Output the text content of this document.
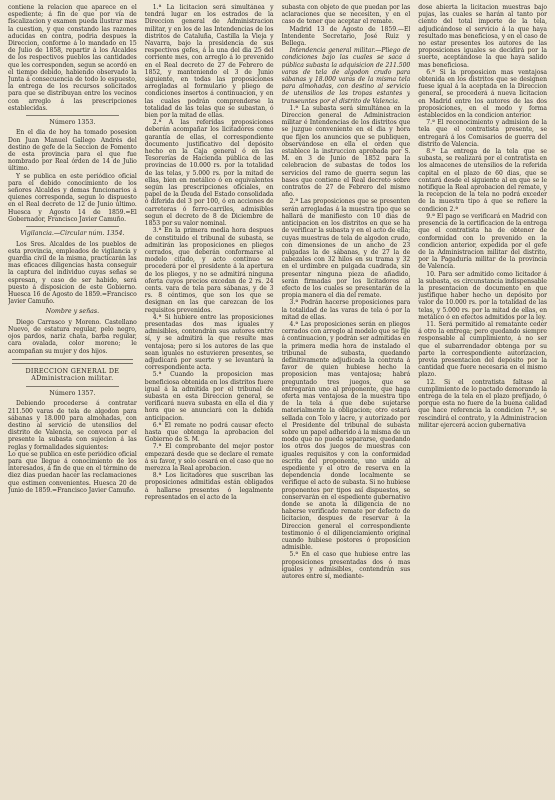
contiene la relacion que aparece en el espediente; á fin de que por vía de fiscalizacion y examen pueda ilustrar mas la cuestion, y que constando las razones aducidas en contra, podria despues la Direccion, conforme á lo mandado en 15 de Julio de 1858, repartir á los Alcaldes de los respectivos pueblos las cantidades que les corresponden, segun se acordó en el tiempo debido, habiendo observado la Junta á consecuencia de todo lo espuesto, la entrega de los recursos solicitados para que se distribuyan entre los vecinos con arreglo á las prescripciones establecidas.

Número 1353.

En el dia de hoy ha tomado posesion Don Juan Manuel Gallego Andrés del destino de gefe de la Seccion de Fomento de esta provincia para el que fue nombrado por Real órden de 14 de Julio último.

Y se publica en este periódico oficial para el debido conocimiento de los señores Alcaldes y demas funcionarios á quienes corresponda, segun lo dispuesto en el Real decreto de 12 de Junio último. Huesca y Agosto 14 de 1859.=El Gobernador, Francisco Javier Camuño.

Vigilancia.—Circular núm. 1354.

Los Sres. Alcaldes de los pueblos de esta provincia, empleados de vigilancia y guardia civil de la misma, practicarán las mas eficaces diligencias hasta conseguir la captura del individuo cuyas señas se espresan, y caso de ser habido, será puesto á disposicion de este Gobierno. Huesca 16 de Agosto de 1859.=Francisco Javier Camuño.

Nombre y señas.

Diego Carrasco y Moreno. Castellano Nuevo, de estatura regular, pelo negro, ojos pardos, nariz chata, barba regular, cara ovalada, color moreno; le acompañan su mujer y dos hijos.

DIRECCION GENERAL DE ADministracion militar.
Número 1357.

Debiendo procederse á contratar 211.500 varas de tela de algodon para sábanas y 18.000 para almohadas, con destino al servicio de utensilios del distrito de Valencia, se convoca por el presente la subasta con sujecion á las reglas y formalidades siguientes:

Lo que se publica en este periódico oficial para que llegue á conocimiento de los interesados, á fin de que en el término de diez dias puedan hacer las reclamaciones que estimen convenientes. Huesca 20 de Junio de 1859.=Francisco Javier Camuño.

1.ª La licitacion será simultánea y tendrá lugar en los estrados de la Direccion general de Administracion militar, y en los de las Intendencias de los distritos de Cataluña, Castilla la Vieja y Navarra, bajo la presidencia de sus respectivos gefes, á la una del dia 25 del corriente mes, con arreglo á lo prevenido en el Real decreto de 27 de Febrero de 1852, y manteniendo el 3 de Junio siguiente, en todas las proposiciones arregladas al formulario y pliego de condiciones insertos á continuacion, y en las cuales podrán comprenderse la totalidad de las telas que se subastan, ó bien por la mitad de ellas.

2.ª A las referidas proposiciones deberán acompañar los licitadores como garantía de ellas, el correspondiente documento justificativo del depósito hecho en la Caja general ó en las Tesorerías de Hacienda pública de las provincias de 10.000 rs. por la totalidad de las telas, y 5.000 rs. por la mitad de ellas, bien en metálico ó en equivalentes según las prescripciones oficiales, en papel de la Deuda del Estado consolidada ó diferida del 3 por 100, ó en acciones de carreteras ó ferro-carriles, admisibles segun el decreto de 8 de Diciembre de 1853 por su valor nominal.

3.ª En la primera media hora despues de constituido el tribunal de subasta, se admitirán las proposiciones en pliegos cerrados, que deberán conformarse al modelo citado, y acto continuo se procederá por el presidente á la apertura de los pliegos, y no se admitirá ninguna oferta cuyos precios excedan de 2 rs. 24 cents. vara de tela para sábanas, y de 3 rs. 8 céntimos, que son los que se designan en las que carezcan de los requisitos prevenidos.

4.ª Si hubiere entre las proposiciones presentadas dos mas iguales y admisibles, contendrán sus autores entre sí, y se admitirá la que resulte mas ventajosa; pero si los autores de las que sean iguales no estuvieren presentes, se adjudicará por suerte y se levantará la correspondiente acta.

5.ª Cuando la proposicion mas beneficiosa obtenida en los distritos fuere igual á la admitida por el tribunal de subasta en esta Direccion general, se verificará nueva subasta en ella el dia y hora que se anunciará con la debida anticipacion.

6.ª El remate no podrá causar efecto hasta que obtenga la aprobacion del Gobierno de S. M.

7.ª El comprobante del mejor postor empezará desde que se declare el remate á su favor, y solo cesará en el caso que no merezca la Real aprobacion.

8.ª Los licitadores que suscriban las proposiciones admitidas están obligados á hallarse presentes ó legalmente representados en el acto de la

subasta con objeto de que puedan por las aclaraciones que se necesiten, y en el caso de tener que aceptar el remate.

Madrid 13 de Agosto de 1859.—El Intendente Secretario, José Ruiz y Bellega.

Intendencia general militar.—Pliego de condiciones bajo las cuales se saca á pública subasta la adquisicion de 211.500 varas de tela de algodon crudo para sábanas y 18.000 varas de la misma tela para almohadas, con destino al servicio de utensilios de las tropas estantes y transeuntes por el distrito de Valencia.

1.ª La subasta será simultánea en la Direccion general de Administracion militar é Intendencias de los distritos que se juzgue conveniente en el dia y hora que fijen los anuncios que se publiquen, observándose en ella el orden que establece la instruccion aprobada por S. M. en 3 de Junio de 1852 para la celebracion de subastas de todos los servicios del ramo de guerra segun las bases que contiene el Real decreto sobre contratos de 27 de Febrero del mismo año.

2.ª Las proposiciones que se presenten serán arregladas á la muestra tipo que se hallará de manifiesto con 10 dias de anticipacion en los distritos en que se ha de verificar la subasta y en el acto de ella; cuyas muestras de tela de algodon crudo, con dimensiones de un ancho de 23 pulgadas la de sábanas, y de 27 la de cabezales con 32 hilos en su trama y 32 en el urdimbre en pulgada cuadrada, sin presentar ninguna pieza de añadido, serán firmadas por los licitadores al efecto de los cuales se presentarán de la propia manera el dia del remate.

3.ª Podrán hacerse proposiciones para la totalidad de las varas de tela ó por la mitad de ellas.

4.ª Las proposiciones serán en pliegos cerrados con arreglo al modelo que se fije á continuacion, y podrán ser admitidas en la primera media hora de instalado el tribunal de subasta, quedando definitivamente adjudicada la contrata á favor de quien hubiese hecho la proposicion mas ventajosa; habrá preguntado tres juegos, que se entregarán uno al proponente, que haga oferta mas ventajosa de la muestra tipo de la tela á que debe sujetarse materialmente la obligacion; otro estará sellada con Tolo y lacre, y autorizado por el Presidente del tribunal de subasta sobre un papel adherido á la misma de un modo que no pueda separarse, quedando los otros dos juegos de muestras con iguales requisitos y con la conformidad escrita del proponente, uno unido al espediente y el otro de reserva en la dependencia donde localmente se verifique el acto de subasta. Si no hubiese proponentes por tipos así dispuestos, se conservarán en el espediente gubernativo donde se anota la diligencia de no haberse verificado remate por defecto de licitacion, despues de reservar á la Direccion general el correspondiente testimonio ó el diligenciamiento original cuando hubiese postores ó proposicion admisible.

5.ª En el caso que hubiese entre las proposiciones presentadas dos ó mas iguales y admisibles, contendrán sus autores entre sí, mediante-

dose abierta la licitacion muestras bajo pujas, las cuales se harán al tanto por ciento del total importe de la tela, adjudicándose el servicio á la que haya resultado mas beneficiosa, y en el caso de no estar presentes los autores de las proposiciones iguales se decidirá por la suerte, aceptándose la que haya salido mas beneficiosa.

6.ª Si la proposicion mas ventajosa obtenida en los distritos que se designen fuese igual á la aceptada en la Direccion general, se procederá á nueva licitacion en Madrid entre los autores de las dos proposiciones, en el modo y forma establecidos en la condicion anterior.

7.ª El reconocimiento y admision de la tela que el contratista presente, se entregará á los Comisarios de guerra del distrito de Valencia.

8.ª La entrega de la tela que se subasta, se realizará por el contratista en los almacenes de utensilios de la referida capital en el plazo de 60 dias, que se contará desde el siguiente al en que se le notifique la Real aprobacion del remate, y la recepcion de la tela no podrá exceder de la muestra tipo á que se refiere la condicion 2.ª

9.ª El pago se verificará en Madrid con presencia de la certificacion de la entrega que el contratista ha de obtener de conformidad con lo prevenido en la condicion anterior, expedida por el gefe de la Administracion militar del distrito, por la Pagaduría militar de la provincia de Valencia.

10. Para ser admitido como licitador á la subasta, es circunstancia indispensable la presentacion de documento en que justifique haber hecho un depósito por valor de 10.000 rs. por la totalidad de las telas, y 5.000 rs. por la mitad de ellas, en metálico ó en efectos admitidos por la ley.

11. Será permitido al rematante ceder á otro la entrega; pero quedando siempre responsable al cumplimiento, á no ser que el subarrendador obtenga por su parte la correspondiente autorizacion, previa presentacion del depósito por la cantidad que fuere necesaria en el mismo plazo.

12. Si el contratista faltase al cumplimiento de lo pactado demorando la entrega de la tela en el plazo prefijado, ó porque esta no fuere de la buena calidad que hace referencia la condicion 7.ª, se rescindirá el contrato, y la Administracion militar ejercerá accion gubernativa
